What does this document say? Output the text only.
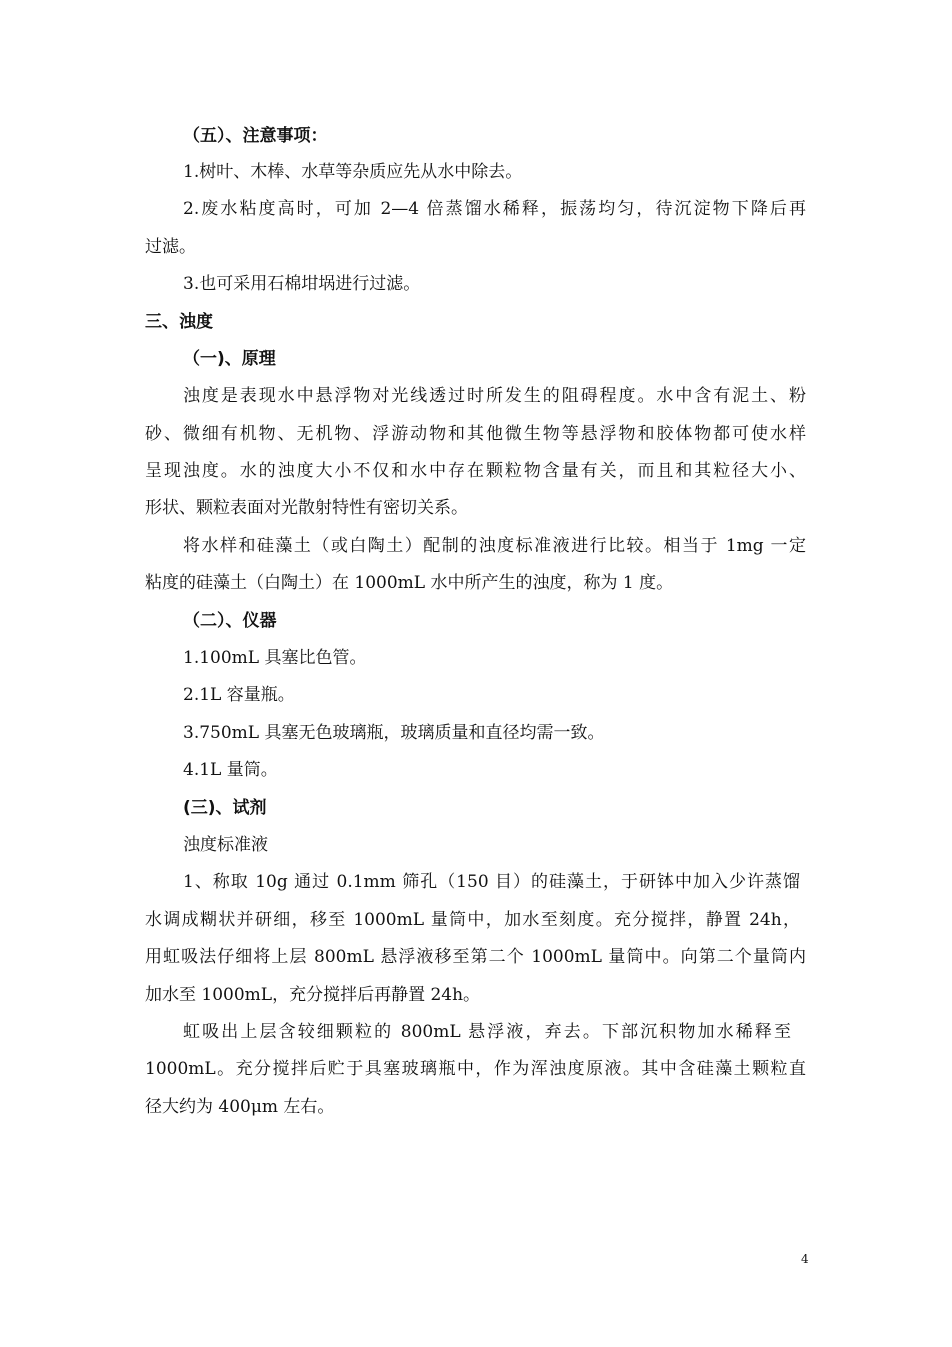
（五）、注意事项：
1.树叶、木棒、水草等杂质应先从水中除去。
2.废水粘度高时，可加 2—4 倍蒸馏水稀释，振荡均匀，待沉淀物下降后再
过滤。
3.也可采用石棉坩埚进行过滤。
三、浊度
（一)、原理
浊度是表现水中悬浮物对光线透过时所发生的阻碍程度。水中含有泥土、粉
砂、微细有机物、无机物、浮游动物和其他微生物等悬浮物和胶体物都可使水样
呈现浊度。水的浊度大小不仅和水中存在颗粒物含量有关，而且和其粒径大小、
形状、颗粒表面对光散射特性有密切关系。
将水样和硅藻土（或白陶土）配制的浊度标准液进行比较。相当于 1mg 一定
粘度的硅藻土（白陶土）在 1000mL 水中所产生的浊度，称为 1 度。
（二）、仪器
1.100mL 具塞比色管。
2.1L 容量瓶。
3.750mL 具塞无色玻璃瓶，玻璃质量和直径均需一致。
4.1L 量筒。
(三)、试剂
浊度标准液
1、称取 10g 通过 0.1mm 筛孔（150 目）的硅藻土，于研钵中加入少许蒸馏
水调成糊状并研细，移至 1000mL 量筒中，加水至刻度。充分搅拌，静置 24h，
用虹吸法仔细将上层 800mL 悬浮液移至第二个 1000mL 量筒中。向第二个量筒内
加水至 1000mL，充分搅拌后再静置 24h。
虹吸出上层含较细颗粒的 800mL 悬浮液，弃去。下部沉积物加水稀释至
1000mL。充分搅拌后贮于具塞玻璃瓶中，作为浑浊度原液。其中含硅藻土颗粒直
径大约为 400μm 左右。
4
